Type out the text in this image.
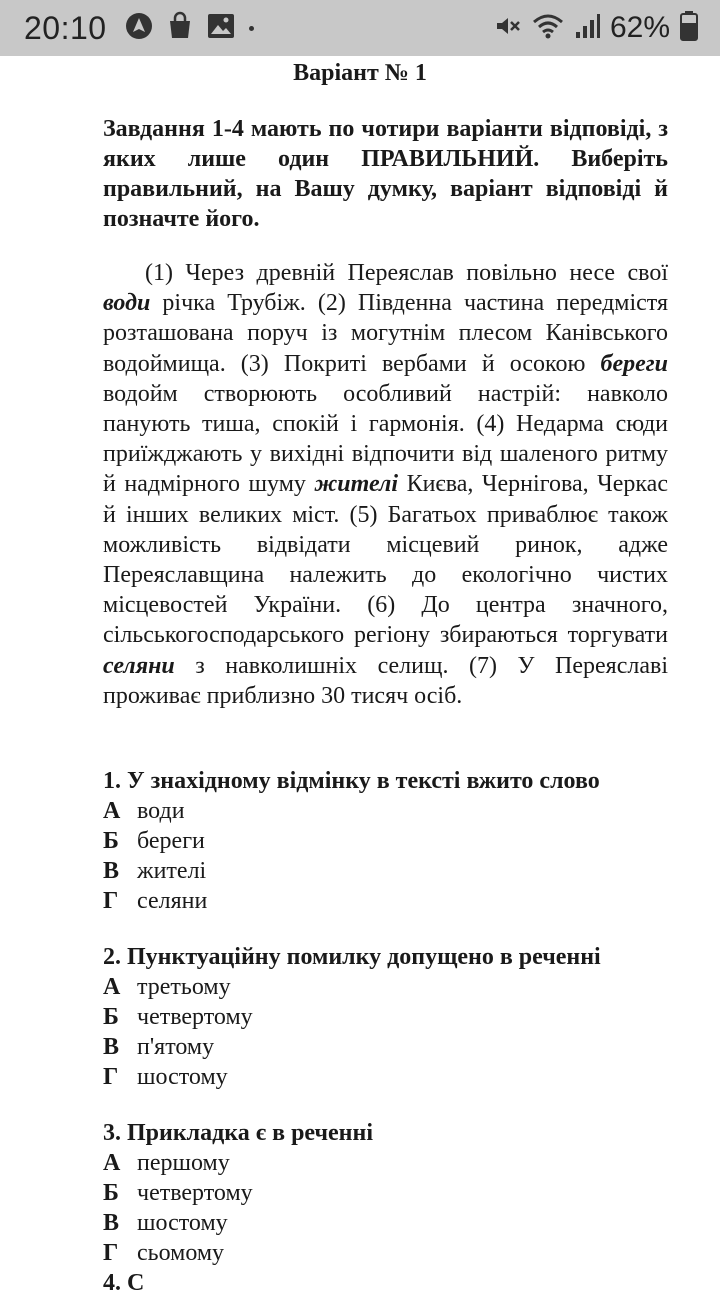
20:10	62%
Варіант № 1
Завдання 1-4 мають по чотири варіанти відповіді, з яких лише один ПРАВИЛЬНИЙ. Виберіть правильний, на Вашу думку, варіант відповіді й позначте його.
(1) Через древній Переяслав повільно несе свої води річка Трубіж. (2) Південна частина передмістя розташована поруч із могутнім плесом Канівського водоймища. (3) Покриті вербами й осокою береги водойм створюють особливий настрій: навколо панують тиша, спокій і гармонія. (4) Недарма сюди приїжджають у вихідні відпочити від шаленого ритму й надмірного шуму жителі Києва, Чернігова, Черкас й інших великих міст. (5) Багатьох приваблює також можливість відвідати місцевий ринок, адже Переяславщина належить до екологічно чистих місцевостей України. (6) До центра значного, сільськогосподарського регіону збираються торгувати селяни з навколишніх селищ. (7) У Переяславі проживає приблизно 30 тисяч осіб.
1. У знахідному відмінку в тексті вжито слово
А води
Б береги
В жителі
Г селяни
2. Пунктуаційну помилку допущено в реченні
А третьому
Б четвертому
В п'ятому
Г шостому
3. Прикладка є в реченні
А першому
Б четвертому
В шостому
Г сьомому
4. С
